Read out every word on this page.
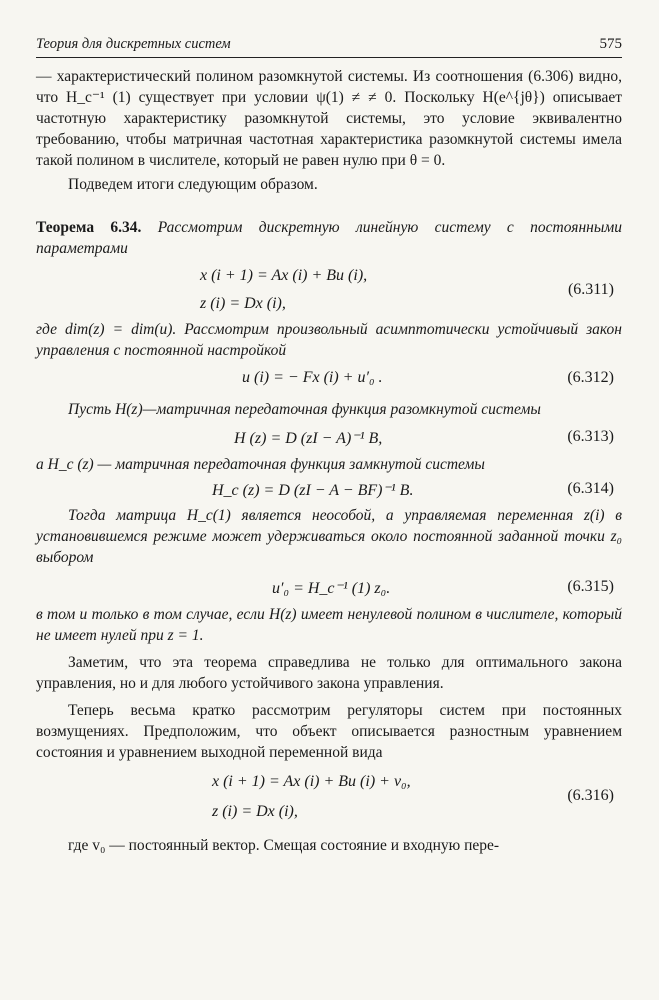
Теория для дискретных систем	575

— характеристический полином разомкнутой системы. Из соотношения (6.306) видно, что H_c⁻¹ (1) существует при условии ψ(1) ≠ ≠ 0. Поскольку H(e^{jθ}) описывает частотную характеристику разомкнутой системы, это условие эквивалентно требованию, чтобы матричная частотная характеристика разомкнутой системы имела такой полином в числителе, который не равен нулю при θ = 0.

Подведем итоги следующим образом.

Теорема 6.34. Рассмотрим дискретную линейную систему с постоянными параметрами

x (i + 1) = Ax (i) + Bu (i),
z (i) = Dx (i),
(6.311)

где dim(z) = dim(u). Рассмотрим произвольный асимптотически устойчивый закон управления с постоянной настройкой

u (i) = − Fx (i) + u′₀ .	(6.312)

Пусть H(z)—матричная передаточная функция разомкнутой системы

H (z) = D (zI − A)⁻¹ B,	(6.313)

а H_c (z) — матричная передаточная функция замкнутой системы

H_c (z) = D (zI − A − BF)⁻¹ B.	(6.314)

Тогда матрица H_c(1) является неособой, а управляемая переменная z(i) в установившемся режиме может удерживаться около постоянной заданной точки z₀ выбором

u′₀ = H_c⁻¹ (1) z₀.	(6.315)

в том и только в том случае, если H(z) имеет ненулевой полином в числителе, который не имеет нулей при z = 1.

Заметим, что эта теорема справедлива не только для оптимального закона управления, но и для любого устойчивого закона управления.

Теперь весьма кратко рассмотрим регуляторы систем при постоянных возмущениях. Предположим, что объект описывается разностным уравнением состояния и уравнением выходной переменной вида

x (i + 1) = Ax (i) + Bu (i) + v₀,
z (i) = Dx (i),
(6.316)

где v₀ — постоянный вектор. Смещая состояние и входную пере-
